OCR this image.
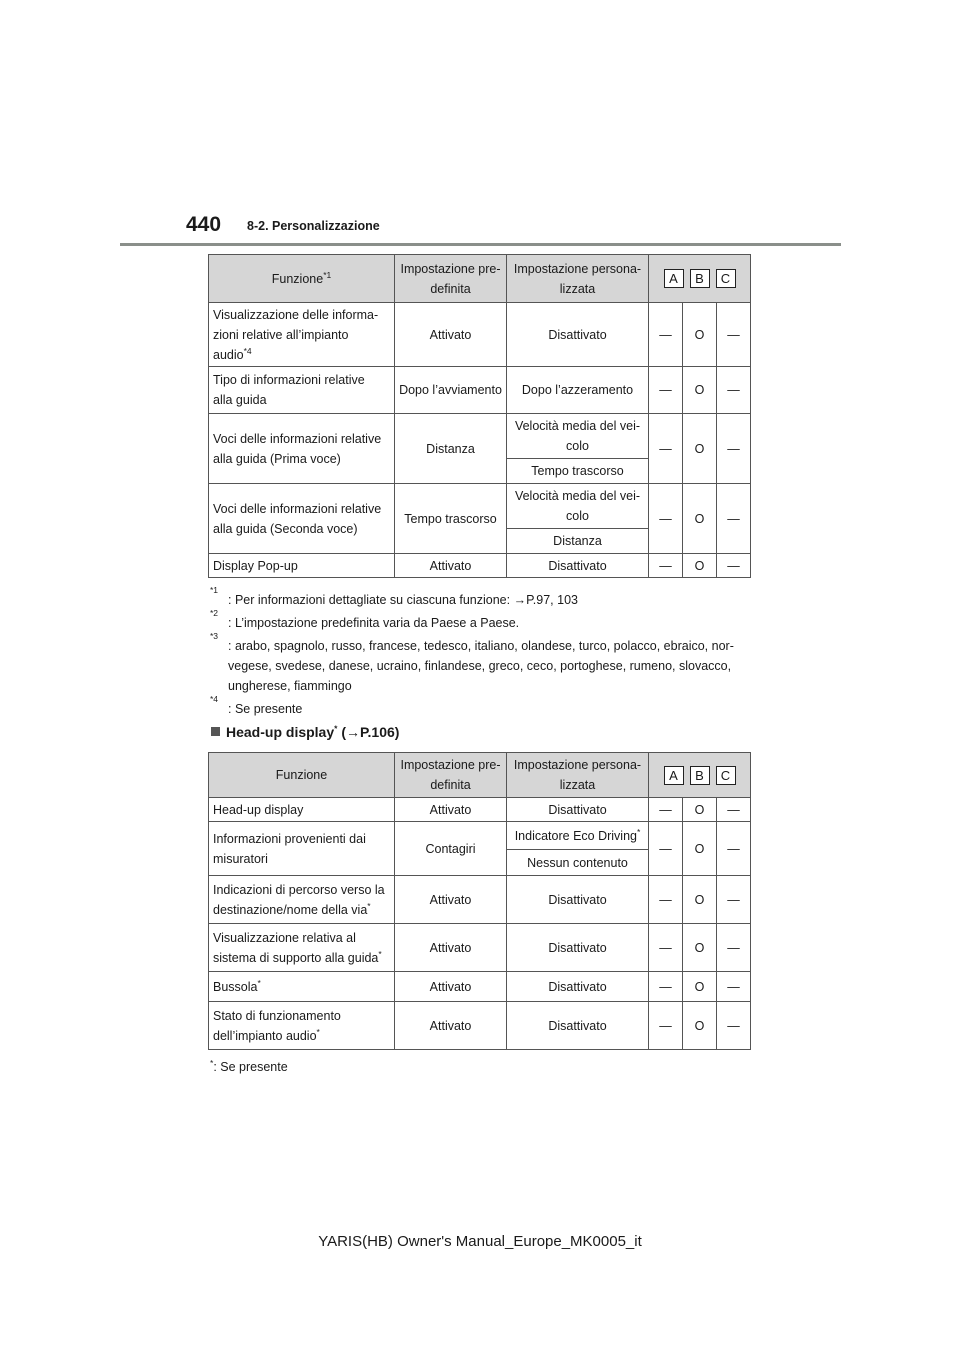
440 8-2. Personalizzazione
Funzione$^{*1}$	Impostazione pre-
definita	Impostazione persona-
lizzata	A B C		

Visualizzazione delle informa-
zioni relative all’impianto
audio$^{*4}$	Attivato	Disattivato	—	O	—
Tipo di informazioni relative
alla guida	Dopo l’avviamento	Dopo l’azzeramento	—	O	—
Voci delle informazioni relative
alla guida (Prima voce)	Distanza	Velocità media del vei-
colo	—	O	—
		Tempo trascorso			
Voci delle informazioni relative
alla guida (Seconda voce)	Tempo trascorso	Velocità media del vei-
colo	—	O	—
		Distanza			
Display Pop-up	Attivato	Disattivato	—	O	—
*1
: Per informazioni dettagliate su ciascuna funzione: →P.97, 103
*2
: L’impostazione predefinita varia da Paese a Paese.
*3
: arabo, spagnolo, russo, francese, tedesco, italiano, olandese, turco, polacco, ebraico, nor-
vegese, svedese, danese, ucraino, finlandese, greco, ceco, portoghese, rumeno, slovacco,
ungherese, fiammingo
*4
: Se presente
Head-up display* (→P.106)
Funzione	Impostazione pre-
definita	Impostazione persona-
lizzata	A B C		

Head-up display	Attivato	Disattivato	—	O	—
Informazioni provenienti dai
misuratori	Contagiri	Indicatore Eco Driving*	—	O	—
		Nessun contenuto			
Indicazioni di percorso verso la
destinazione/nome della via*	Attivato	Disattivato	—	O	—
Visualizzazione relativa al
sistema di supporto alla guida*	Attivato	Disattivato	—	O	—
Bussola*	Attivato	Disattivato	—	O	—
Stato di funzionamento
dell’impianto audio*	Attivato	Disattivato	—	O	—
*: Se presente
YARIS(HB) Owner's Manual_Europe_MK0005_it
